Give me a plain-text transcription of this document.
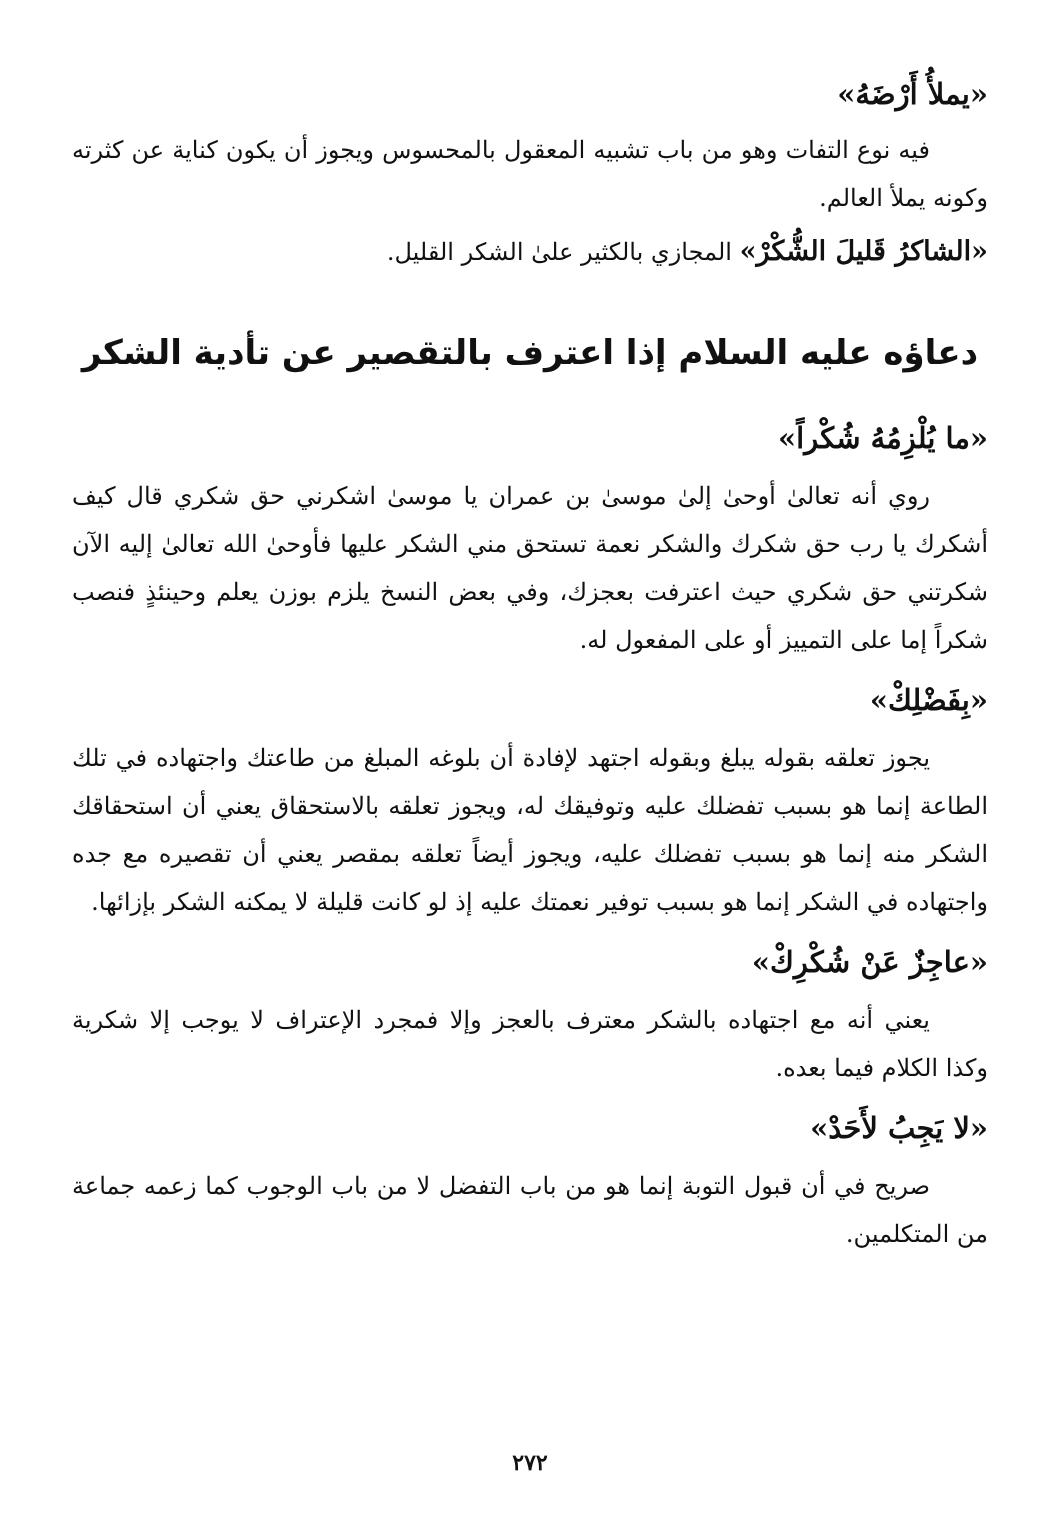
«يملأُ أَرْضَهُ»

فيه نوع التفات وهو من باب تشبيه المعقول بالمحسوس ويجوز أن يكون كناية عن كثرته وكونه يملأ العالم.

«الشاكرُ قَليلَ الشُّكْرْ» المجازي بالكثير علىٰ الشكر القليل.

دعاؤه عليه السلام إذا اعترف بالتقصير عن تأدية الشكر
«ما يُلْزِمُهُ شُكْراً»

روي أنه تعالىٰ أوحىٰ إلىٰ موسىٰ بن عمران يا موسىٰ اشكرني حق شكري قال كيف أشكرك يا رب حق شكرك والشكر نعمة تستحق مني الشكر عليها فأوحىٰ الله تعالىٰ إليه الآن شكرتني حق شكري حيث اعترفت بعجزك، وفي بعض النسخ يلزم بوزن يعلم وحينئذٍ فنصب شكراً إما على التمييز أو على المفعول له.

«بِفَضْلِكْ»

يجوز تعلقه بقوله يبلغ وبقوله اجتهد لإفادة أن بلوغه المبلغ من طاعتك واجتهاده في تلك الطاعة إنما هو بسبب تفضلك عليه وتوفيقك له، ويجوز تعلقه بالاستحقاق يعني أن استحقاقك الشكر منه إنما هو بسبب تفضلك عليه، ويجوز أيضاً تعلقه بمقصر يعني أن تقصيره مع جده واجتهاده في الشكر إنما هو بسبب توفير نعمتك عليه إذ لو كانت قليلة لا يمكنه الشكر بإزائها.

«عاجِزٌ عَنْ شُكْرِكْ»

يعني أنه مع اجتهاده بالشكر معترف بالعجز وإلا فمجرد الإعتراف لا يوجب إلا شكرية وكذا الكلام فيما بعده.

«لا يَجِبُ لأَحَدْ»

صريح في أن قبول التوبة إنما هو من باب التفضل لا من باب الوجوب كما زعمه جماعة من المتكلمين.

٢٧٢
